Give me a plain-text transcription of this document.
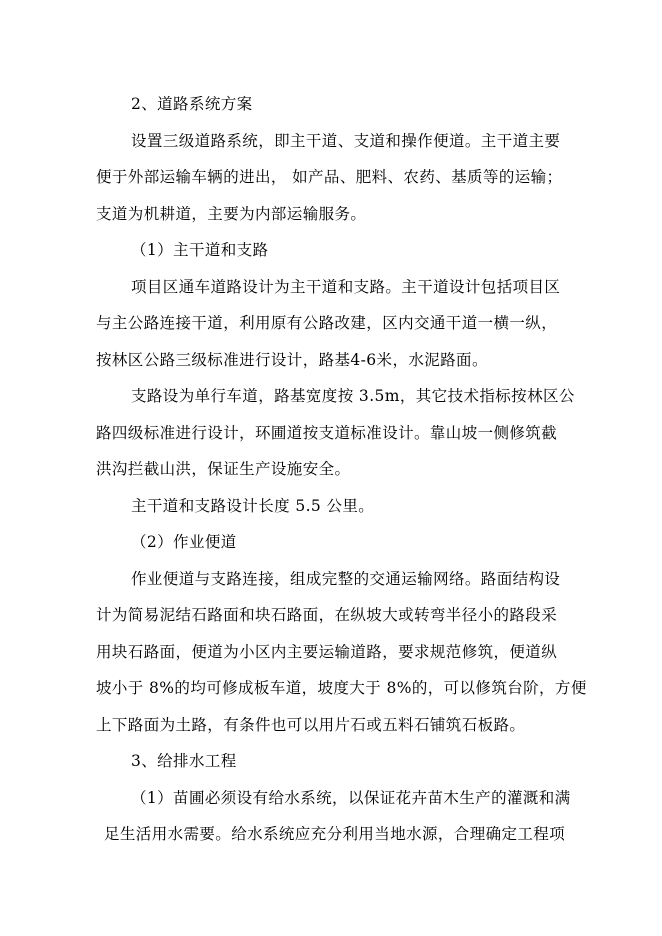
2、道路系统方案

设置三级道路系统，即主干道、支道和操作便道。主干道主要

便于外部运输车辆的进出， 如产品、肥料、农药、基质等的运输；

支道为机耕道，主要为内部运输服务。

（1）主干道和支路

项目区通车道路设计为主干道和支路。主干道设计包括项目区

与主公路连接干道，利用原有公路改建，区内交通干道一横一纵，

按林区公路三级标准进行设计，路基4-6米，水泥路面。

支路设为单行车道，路基宽度按 3.5m，其它技术指标按林区公

路四级标准进行设计，环圃道按支道标准设计。靠山坡一侧修筑截

洪沟拦截山洪，保证生产设施安全。

主干道和支路设计长度 5.5 公里。

（2）作业便道

作业便道与支路连接，组成完整的交通运输网络。路面结构设

计为简易泥结石路面和块石路面，在纵坡大或转弯半径小的路段采

用块石路面，便道为小区内主要运输道路，要求规范修筑，便道纵

坡小于 8%的均可修成板车道，坡度大于 8%的，可以修筑台阶，方便

上下路面为土路，有条件也可以用片石或五料石铺筑石板路。

3、给排水工程

（1）苗圃必须设有给水系统，以保证花卉苗木生产的灌溉和满

足生活用水需要。给水系统应充分利用当地水源，合理确定工程项
